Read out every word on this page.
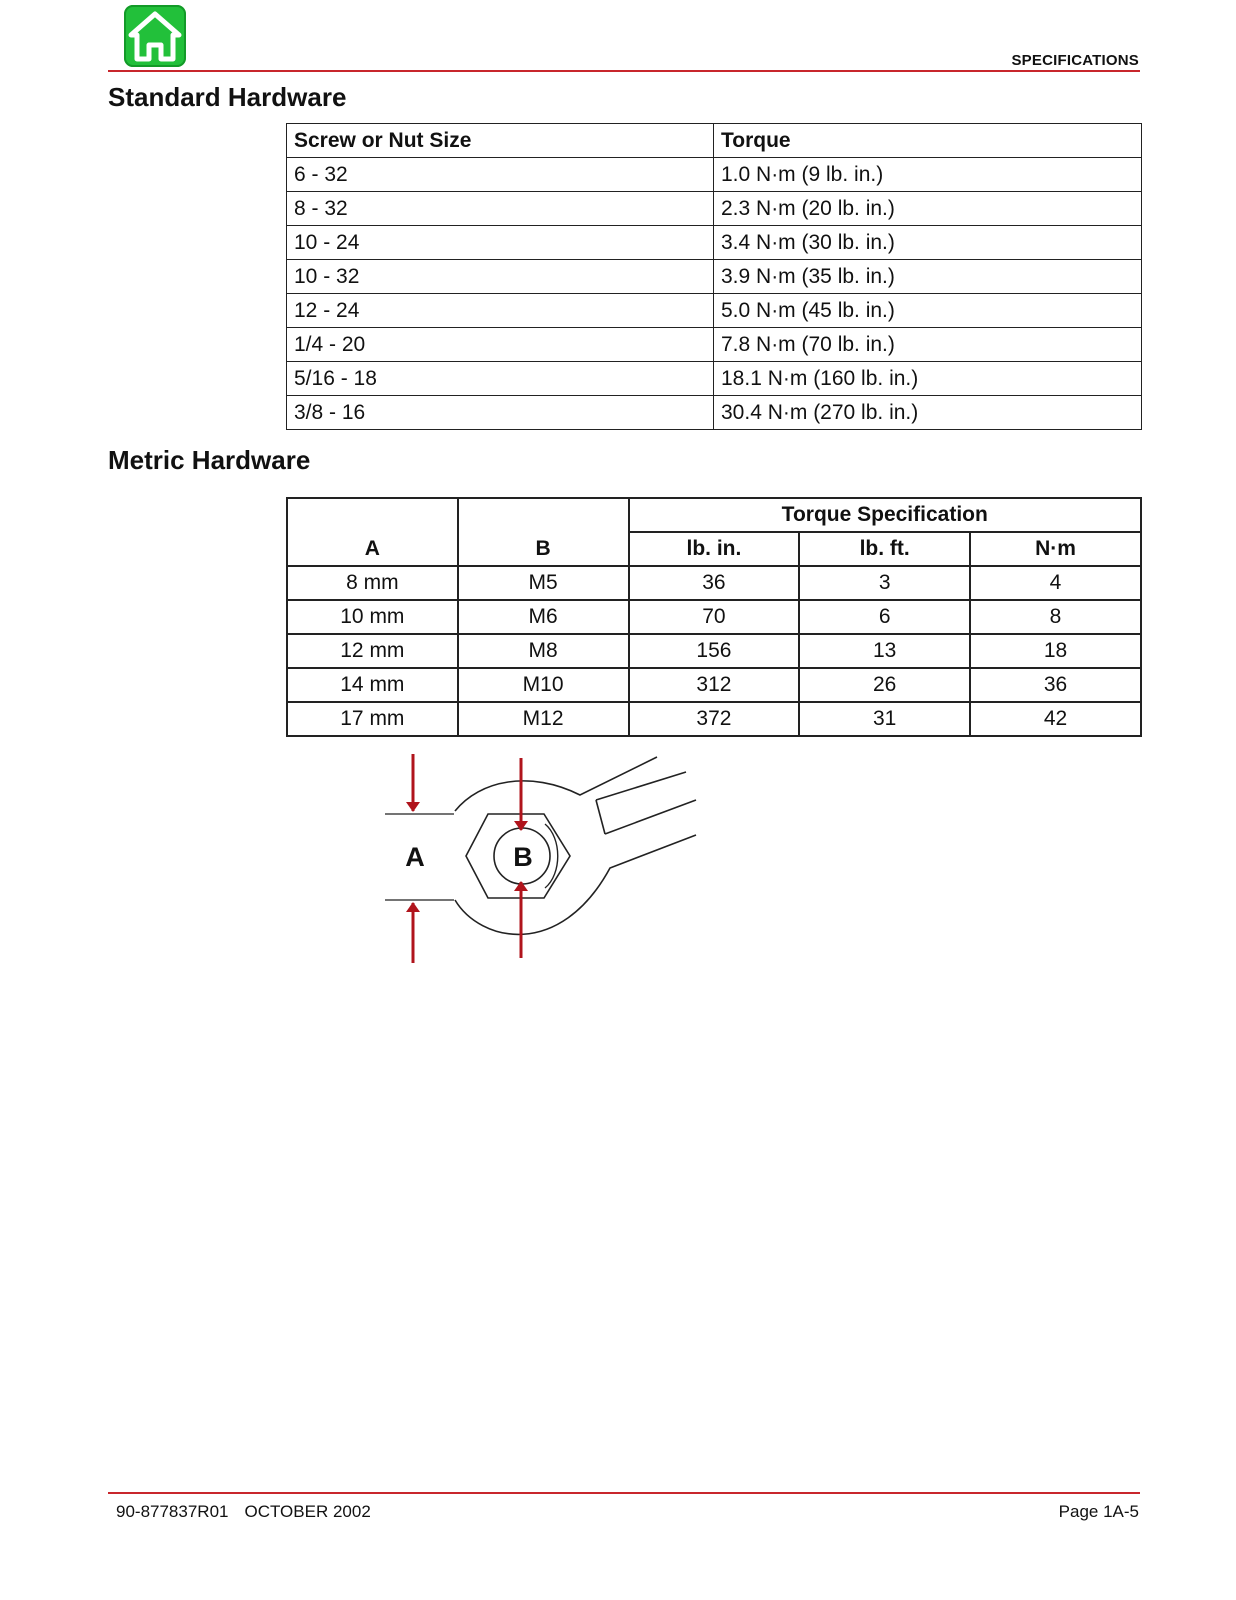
SPECIFICATIONS
Standard Hardware
Screw or Nut Size	Torque
6 - 32	1.0 N·m (9 lb. in.)
8 - 32	2.3 N·m (20 lb. in.)
10 - 24	3.4 N·m (30 lb. in.)
10 - 32	3.9 N·m (35 lb. in.)
12 - 24	5.0 N·m (45 lb. in.)
1/4 - 20	7.8 N·m (70 lb. in.)
5/16 - 18	18.1 N·m (160 lb. in.)
3/8 - 16	30.4 N·m (270 lb. in.)
Metric Hardware
A	B	Torque Specification		
		lb. in.	lb. ft.	N·m
8 mm	M5	36	3	4
10 mm	M6	70	6	8
12 mm	M8	156	13	18
14 mm	M10	312	26	36
17 mm	M12	372	31	42
A	B
90-877837R01 OCTOBER 2002	Page 1A-5
